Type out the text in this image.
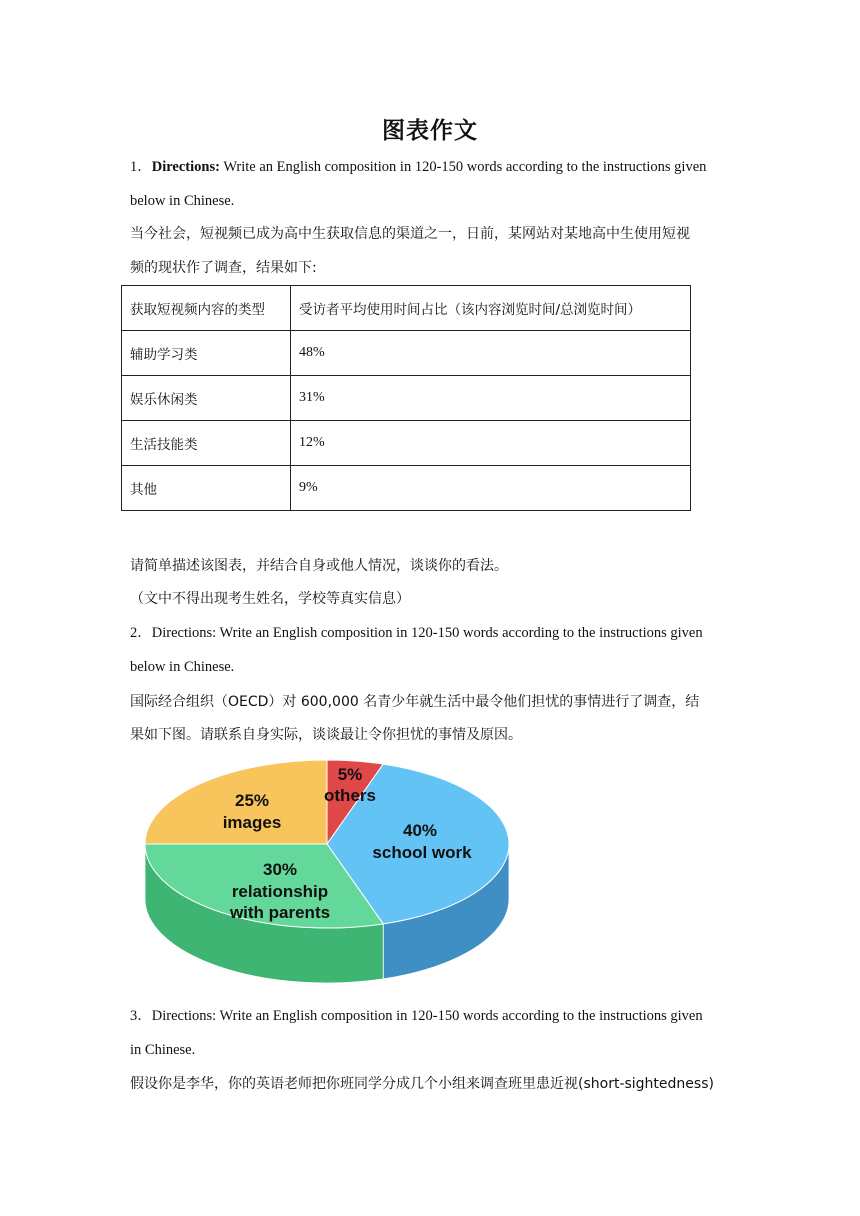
图表作文
1．Directions: Write an English composition in 120-150 words according to the instructions given
below in Chinese.
当今社会，短视频已成为高中生获取信息的渠道之一，日前，某网站对某地高中生使用短视
频的现状作了调查，结果如下:
获取短视频内容的类型	受访者平均使用时间占比（该内容浏览时间/总浏览时间）
辅助学习类	48%
娱乐休闲类	31%
生活技能类	12%
其他	9%
请简单描述该图表，并结合自身或他人情况，谈谈你的看法。
（文中不得出现考生姓名，学校等真实信息）
2．Directions: Write an English composition in 120-150 words according to the instructions given
below in Chinese.
国际经合组织（OECD）对 600,000 名青少年就生活中最令他们担忧的事情进行了调查，结
果如下图。请联系自身实际，谈谈最让令你担忧的事情及原因。
5%
others
40%
school work
30%
relationship
with parents
25%
images
3．Directions: Write an English composition in 120-150 words according to the instructions given
in Chinese.
假设你是李华，你的英语老师把你班同学分成几个小组来调查班里患近视(short-sightedness)
